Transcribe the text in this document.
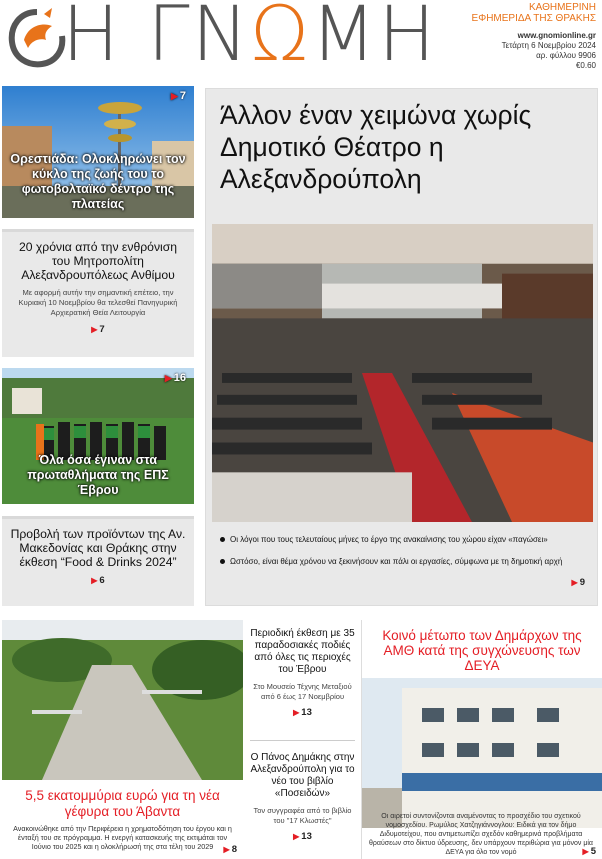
Η ΓΝΩΜΗ	ΚΑΘΗΜΕΡΙΝΗ
ΕΦΗΜΕΡΙΔΑ ΤΗΣ ΘΡΑΚΗΣ
www.gnomionline.gr
Τετάρτη 6 Νοεμβρίου 2024
αρ. φύλλου 9906
€0.60
▶ 7
Ορεστιάδα: Ολοκληρώνει τον κύκλο της ζωής του το φωτοβολταϊκό δέντρο της πλατείας
20 χρόνια από την ενθρόνιση του Μητροπολίτη Αλεξανδρουπόλεως Ανθίμου

Με αφορμή αυτήν την σημαντική επέτειο, την Κυριακή 10 Νοεμβρίου θα τελεσθεί Πανηγυρική Αρχιερατική Θεία Λειτουργία

▶ 7
▶ 16
Όλα όσα έγιναν στα πρωταθλήματα της ΕΠΣ Έβρου
Προβολή των προϊόντων της Αν. Μακεδονίας και Θράκης στην έκθεση “Food & Drinks 2024”
▶ 6
Άλλον έναν χειμώνα χωρίς Δημοτικό Θέατρο η Αλεξανδρούπολη
Οι λόγοι που τους τελευταίους μήνες το έργο της ανακαίνισης του χώρου είχαν «παγώσει»
Ωστόσο, είναι θέμα χρόνου να ξεκινήσουν και πάλι οι εργασίες, σύμφωνα με τη δημοτική αρχή
▶ 9
5,5 εκατομμύρια ευρώ για τη νέα γέφυρα του Άβαντα
Ανακοινώθηκε από την Περιφέρεια η χρηματοδότηση του έργου και η ένταξή του σε πρόγραμμα. Η ενεργή κατασκευής της εκτιμάται τον Ιούνιο του 2025 και η ολοκλήρωσή της στα τέλη του 2029	▶ 8
Περιοδική έκθεση με 35 παραδοσιακές ποδιές από όλες τις περιοχές του Έβρου

Στο Μουσείο Τέχνης Μεταξιού από 6 έως 17 Νοεμβρίου

▶ 13
Ο Πάνος Δημάκης στην Αλεξανδρούπολη για το νέο του βιβλίο «Ποσειδών»

Τον συγγραφέα από το βιβλίο του "17 Κλωστές"

▶ 13
Κοινό μέτωπο των Δημάρχων της ΑΜΘ κατά της συγχώνευσης των ΔΕΥΑ
Οι αιρετοί συντονίζονται αναμένοντας το προσχέδιο του σχετικού νομοσχεδίου. Ρωμύλος Χατζηγιάννογλου: Ειδικά για τον δήμο Διδυμοτείχου, που αντιμετωπίζει σχεδόν καθημερινά προβλήματα θραύσεων στο δίκτυο ύδρευσης, δεν υπάρχουν περιθώρια για μόνον μία ΔΕΥΑ για όλο τον νομό	▶ 5
